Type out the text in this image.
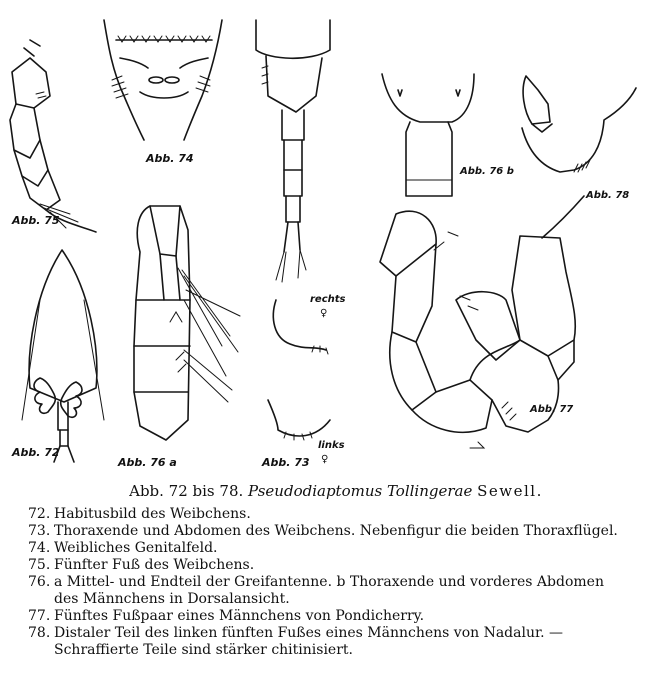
Abb. 75
Abb. 74
Abb. 72
Abb. 76 a	Abb. 73
Abb. 76 b
Abb. 78
Abb. 77
rechts
♀
links
♀
Abb. 72 bis 78. Pseudodiaptomus Tollingerae Sewell.
72. Habitusbild des Weibchens.
73. Thoraxende und Abdomen des Weibchens. Nebenfigur die beiden Thoraxflügel.
74. Weibliches Genitalfeld.
75. Fünfter Fuß des Weibchens.
76. a Mittel- und Endteil der Greifantenne. b Thoraxende und vorderes Abdomen des Männchens in Dorsalansicht.
77. Fünftes Fußpaar eines Männchens von Pondicherry.
78. Distaler Teil des linken fünften Fußes eines Männchens von Nadalur. — Schraffierte Teile sind stärker chitinisiert.
